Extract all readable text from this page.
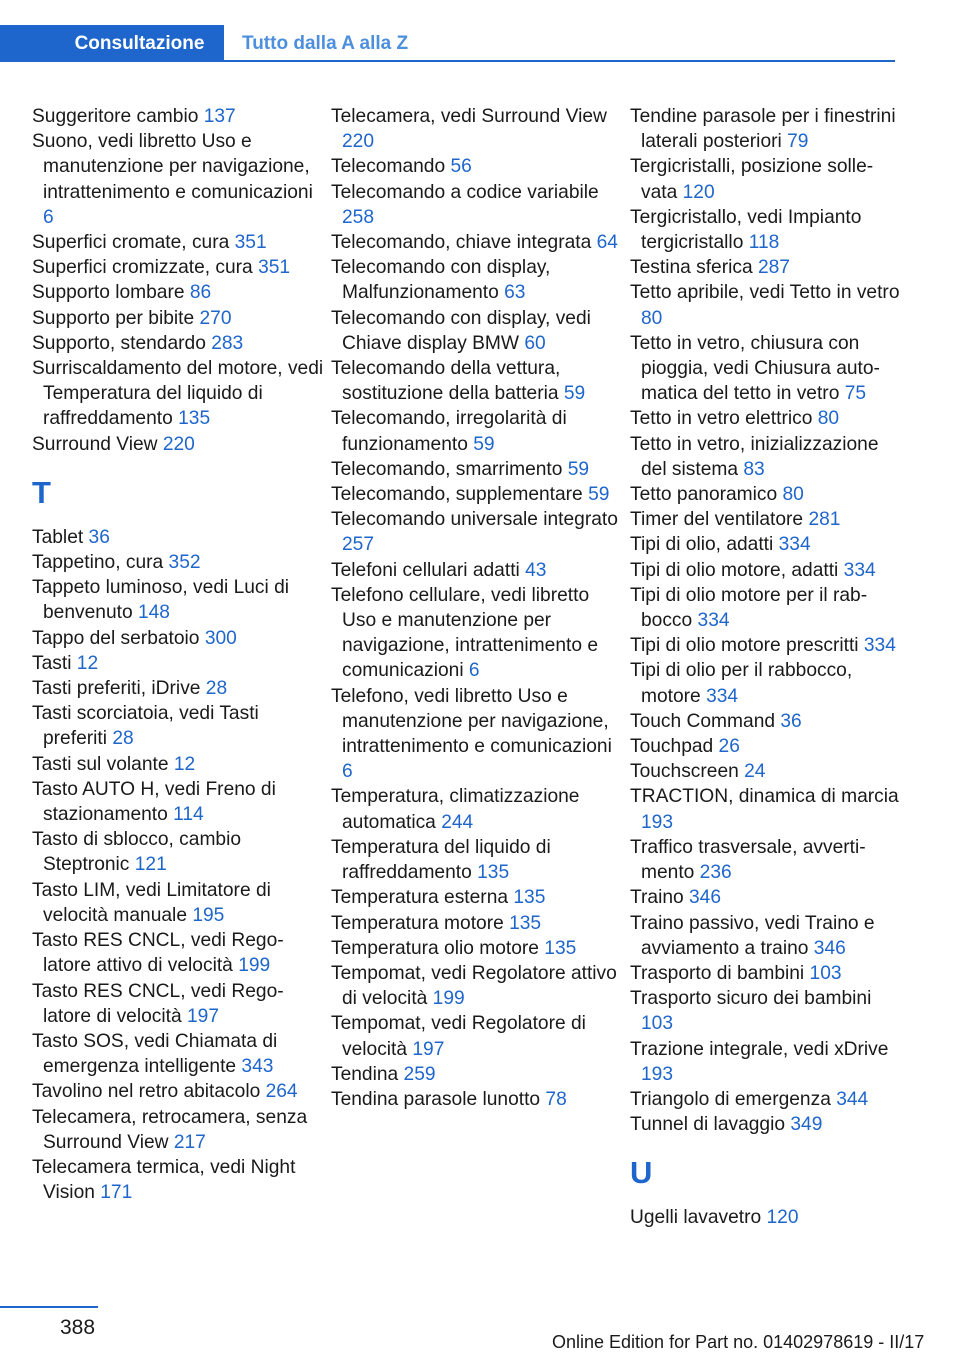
Consultazione Tutto dalla A alla Z

Suggeritore cambio 137

Suono, vedi libretto Uso e manutenzione per navigazione, intrattenimento e comunicazioni 6

Superfici cromate, cura 351

Superfici cromizzate, cura 351

Supporto lombare 86

Supporto per bibite 270

Supporto, stendardo 283

Surriscaldamento del motore, vedi Temperatura del liquido di raffreddamento 135

Surround View 220

T

Tablet 36

Tappetino, cura 352

Tappeto luminoso, vedi Luci di benvenuto 148

Tappo del serbatoio 300

Tasti 12

Tasti preferiti, iDrive 28

Tasti scorciatoia, vedi Tasti preferiti 28

Tasti sul volante 12

Tasto AUTO H, vedi Freno di stazionamento 114

Tasto di sblocco, cambio Steptronic 121

Tasto LIM, vedi Limitatore di velocità manuale 195

Tasto RES CNCL, vedi Regolatore attivo di velocità 199

Tasto RES CNCL, vedi Regolatore di velocità 197

Tasto SOS, vedi Chiamata di emergenza intelligente 343

Tavolino nel retro abitacolo 264

Telecamera, retrocamera, senza Surround View 217

Telecamera termica, vedi Night Vision 171

Telecamera, vedi Surround View 220

Telecomando 56

Telecomando a codice variabile 258

Telecomando, chiave integrata 64

Telecomando con display, Malfunzionamento 63

Telecomando con display, vedi Chiave display BMW 60

Telecomando della vettura, sostituzione della batteria 59

Telecomando, irregolarità di funzionamento 59

Telecomando, smarrimento 59

Telecomando, supplementare 59

Telecomando universale integrato 257

Telefoni cellulari adatti 43

Telefono cellulare, vedi libretto Uso e manutenzione per navigazione, intrattenimento e comunicazioni 6

Telefono, vedi libretto Uso e manutenzione per navigazione, intrattenimento e comunicazioni 6

Temperatura, climatizzazione automatica 244

Temperatura del liquido di raffreddamento 135

Temperatura esterna 135

Temperatura motore 135

Temperatura olio motore 135

Tempomat, vedi Regolatore attivo di velocità 199

Tempomat, vedi Regolatore di velocità 197

Tendina 259

Tendina parasole lunotto 78

Tendine parasole per i finestrini laterali posteriori 79

Tergicristalli, posizione sollevata 120

Tergicristallo, vedi Impianto tergicristallo 118

Testina sferica 287

Tetto apribile, vedi Tetto in vetro 80

Tetto in vetro, chiusura con pioggia, vedi Chiusura automatica del tetto in vetro 75

Tetto in vetro elettrico 80

Tetto in vetro, inizializzazione del sistema 83

Tetto panoramico 80

Timer del ventilatore 281

Tipi di olio, adatti 334

Tipi di olio motore, adatti 334

Tipi di olio motore per il rabbocco 334

Tipi di olio motore prescritti 334

Tipi di olio per il rabbocco, motore 334

Touch Command 36

Touchpad 26

Touchscreen 24

TRACTION, dinamica di marcia 193

Traffico trasversale, avvertimento 236

Traino 346

Traino passivo, vedi Traino e avviamento a traino 346

Trasporto di bambini 103

Trasporto sicuro dei bambini 103

Trazione integrale, vedi xDrive 193

Triangolo di emergenza 344

Tunnel di lavaggio 349

U

Ugelli lavavetro 120

388
Online Edition for Part no. 01402978619 - II/17
